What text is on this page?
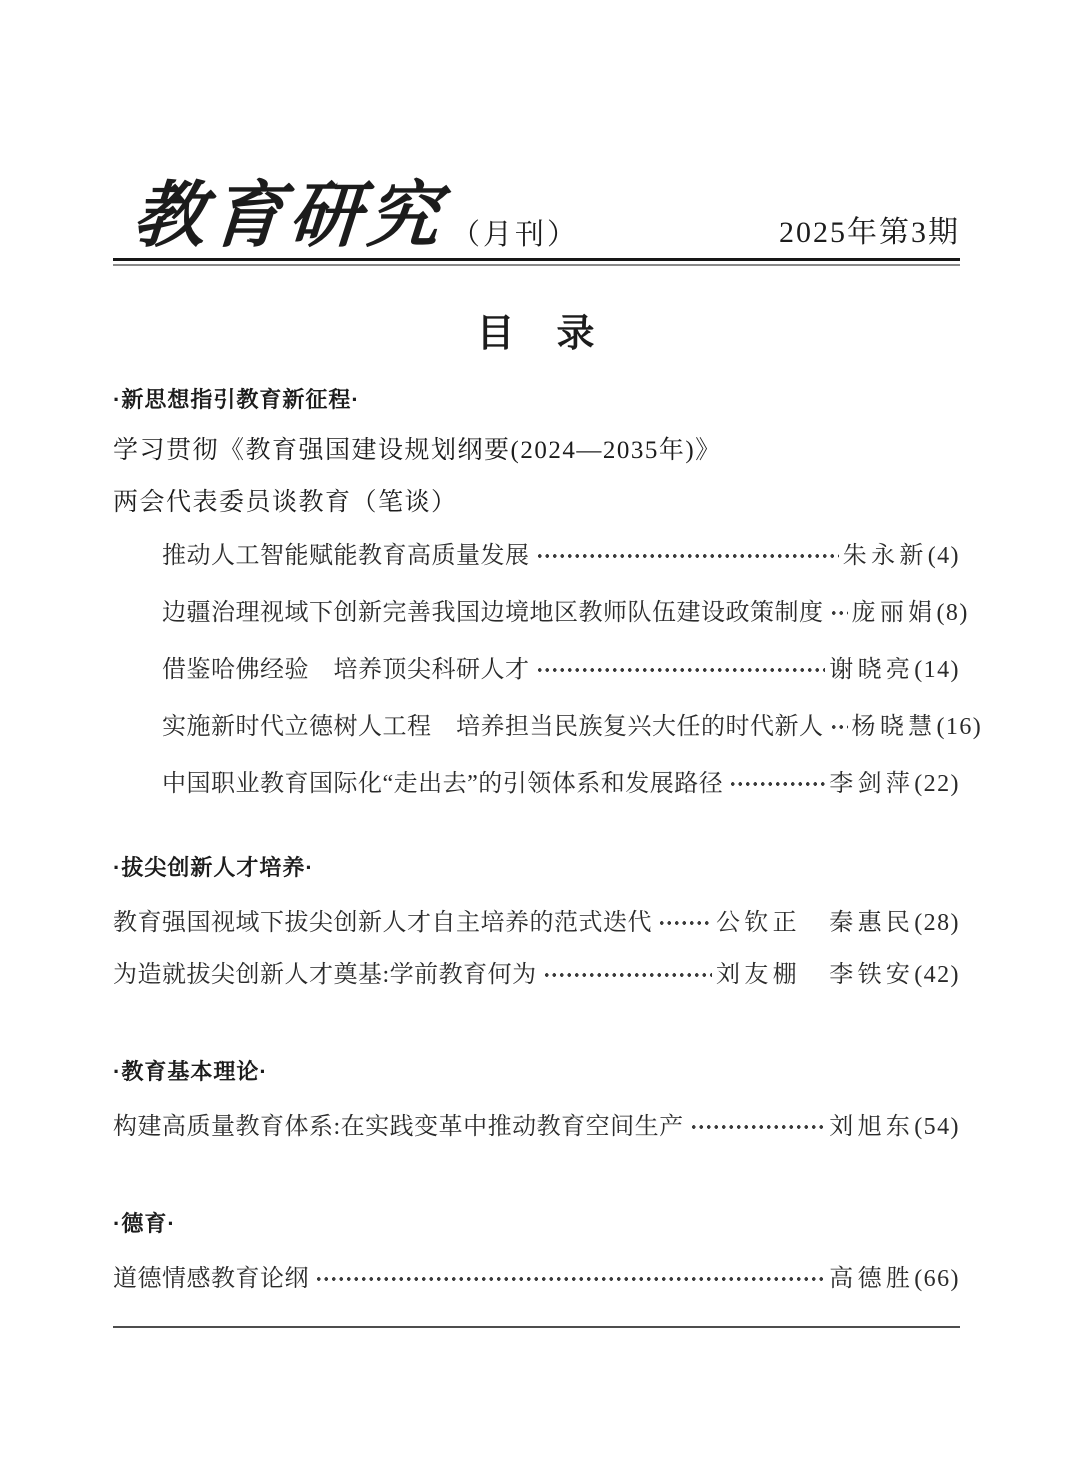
教育研究 （月刊）	2025年第3期
目　录
·新思想指引教育新征程·
学习贯彻《教育强国建设规划纲要(2024—2035年)》
两会代表委员谈教育（笔谈）
推动人工智能赋能教育高质量发展	朱永新 (4)
边疆治理视域下创新完善我国边境地区教师队伍建设政策制度 庞丽娟 (8)
借鉴哈佛经验　培养顶尖科研人才	谢晓亮 (14)
实施新时代立德树人工程　培养担当民族复兴大任的时代新人 杨晓慧 (16)
中国职业教育国际化“走出去”的引领体系和发展路径	李剑萍 (22)
·拔尖创新人才培养·
教育强国视域下拔尖创新人才自主培养的范式迭代	公钦正　秦惠民 (28)
为造就拔尖创新人才奠基:学前教育何为	刘友棚　李铁安 (42)
·教育基本理论·
构建高质量教育体系:在实践变革中推动教育空间生产	刘旭东 (54)
·德育·
道德情感教育论纲	高德胜 (66)
